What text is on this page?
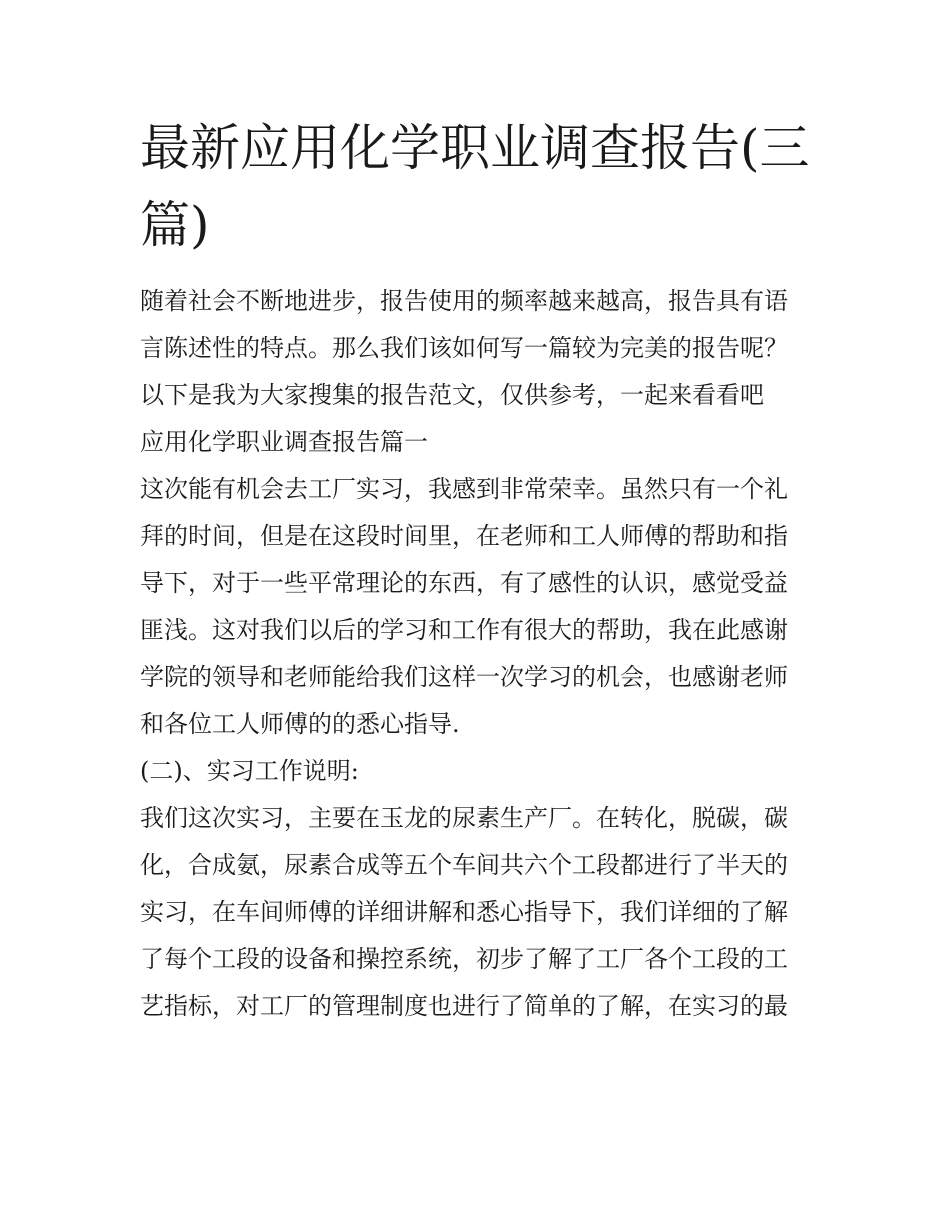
最新应用化学职业调查报告(三
篇)

随着社会不断地进步，报告使用的频率越来越高，报告具有语

言陈述性的特点。那么我们该如何写一篇较为完美的报告呢？

以下是我为大家搜集的报告范文，仅供参考，一起来看看吧

应用化学职业调查报告篇一

这次能有机会去工厂实习，我感到非常荣幸。虽然只有一个礼

拜的时间，但是在这段时间里，在老师和工人师傅的帮助和指

导下，对于一些平常理论的东西，有了感性的认识，感觉受益

匪浅。这对我们以后的学习和工作有很大的帮助，我在此感谢

学院的领导和老师能给我们这样一次学习的机会，也感谢老师

和各位工人师傅的的悉心指导.

(二)、实习工作说明:

我们这次实习，主要在玉龙的尿素生产厂。在转化，脱碳，碳

化，合成氨，尿素合成等五个车间共六个工段都进行了半天的

实习，在车间师傅的详细讲解和悉心指导下，我们详细的了解

了每个工段的设备和操控系统，初步了解了工厂各个工段的工

艺指标，对工厂的管理制度也进行了简单的了解，在实习的最
